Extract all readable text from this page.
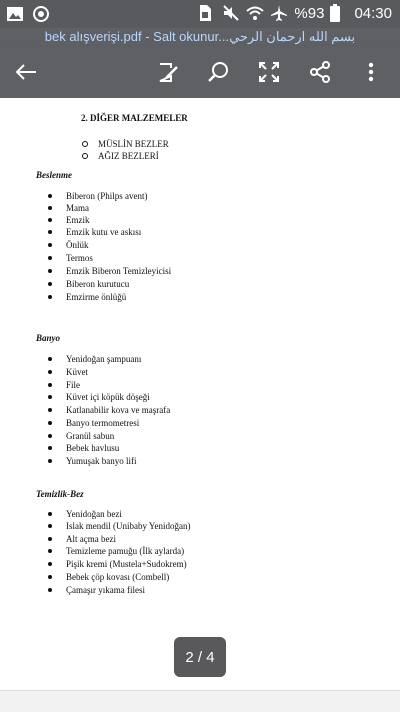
%93 04:30
bek alışverişi.pdf - Salt okunur...بسم الله ارحمان الرحي
2. DİĞER MALZEMELER
MÜSLİN BEZLER
AĞIZ BEZLERİ
Beslenme
Biberon (Philps avent)
Mama
Emzik
Emzik kutu ve askısı
Önlük
Termos
Emzik Biberon Temizleyicisi
Biberon kurutucu
Emzirme önlüğü
Banyo
Yenidoğan şampuanı
Küvet
File
Küvet içi köpük döşeği
Katlanabilir kova ve maşrafa
Banyo termometresi
Granül sabun
Bebek havlusu
Yumuşak banyo lifi
Temizlik-Bez
Yenidoğan bezi
Islak mendil (Unibaby Yenidoğan)
Alt açma bezi
Temizleme pamuğu (İlk aylarda)
Pişik kremi (Mustela+Sudokrem)
Bebek çöp kovası (Combell)
Çamaşır yıkama filesi
2 / 4
